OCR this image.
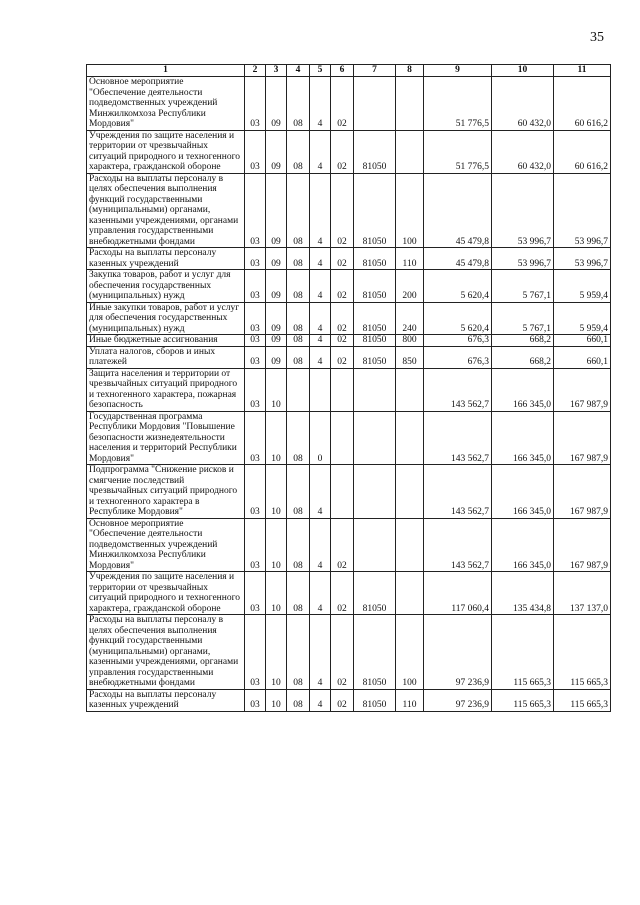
35
1	2	3	4	5	6	7	8	9	10	11
Основное мероприятие "Обеспечение деятельности подведомственных учреждений Минжилкомхоза Республики Мордовия"	03	09	08	4	02			51 776,5	60 432,0	60 616,2
Учреждения по защите населения и территории от чрезвычайных ситуаций природного и техногенного характера, гражданской обороне	03	09	08	4	02	81050		51 776,5	60 432,0	60 616,2
Расходы на выплаты персоналу в целях обеспечения выполнения функций государственными (муниципальными) органами, казенными учреждениями, органами управления государственными внебюджетными фондами	03	09	08	4	02	81050	100	45 479,8	53 996,7	53 996,7
Расходы на выплаты персоналу казенных учреждений	03	09	08	4	02	81050	110	45 479,8	53 996,7	53 996,7
Закупка товаров, работ и услуг для обеспечения государственных (муниципальных) нужд	03	09	08	4	02	81050	200	5 620,4	5 767,1	5 959,4
Иные закупки товаров, работ и услуг для обеспечения государственных (муниципальных) нужд	03	09	08	4	02	81050	240	5 620,4	5 767,1	5 959,4
Иные бюджетные ассигнования	03	09	08	4	02	81050	800	676,3	668,2	660,1
Уплата налогов, сборов и иных платежей	03	09	08	4	02	81050	850	676,3	668,2	660,1
Защита населения и территории от чрезвычайных ситуаций природного и техногенного характера, пожарная безопасность	03	10						143 562,7	166 345,0	167 987,9
Государственная программа Республики Мордовия "Повышение безопасности жизнедеятельности населения и территорий Республики Мордовия"	03	10	08	0				143 562,7	166 345,0	167 987,9
Подпрограмма "Снижение рисков и смягчение последствий чрезвычайных ситуаций природного и техногенного характера в Республике Мордовия"	03	10	08	4				143 562,7	166 345,0	167 987,9
Основное мероприятие "Обеспечение деятельности подведомственных учреждений Минжилкомхоза Республики Мордовия"	03	10	08	4	02			143 562,7	166 345,0	167 987,9
Учреждения по защите населения и территории от чрезвычайных ситуаций природного и техногенного характера, гражданской обороне	03	10	08	4	02	81050		117 060,4	135 434,8	137 137,0
Расходы на выплаты персоналу в целях обеспечения выполнения функций государственными (муниципальными) органами, казенными учреждениями, органами управления государственными внебюджетными фондами	03	10	08	4	02	81050	100	97 236,9	115 665,3	115 665,3
Расходы на выплаты персоналу казенных учреждений	03	10	08	4	02	81050	110	97 236,9	115 665,3	115 665,3
